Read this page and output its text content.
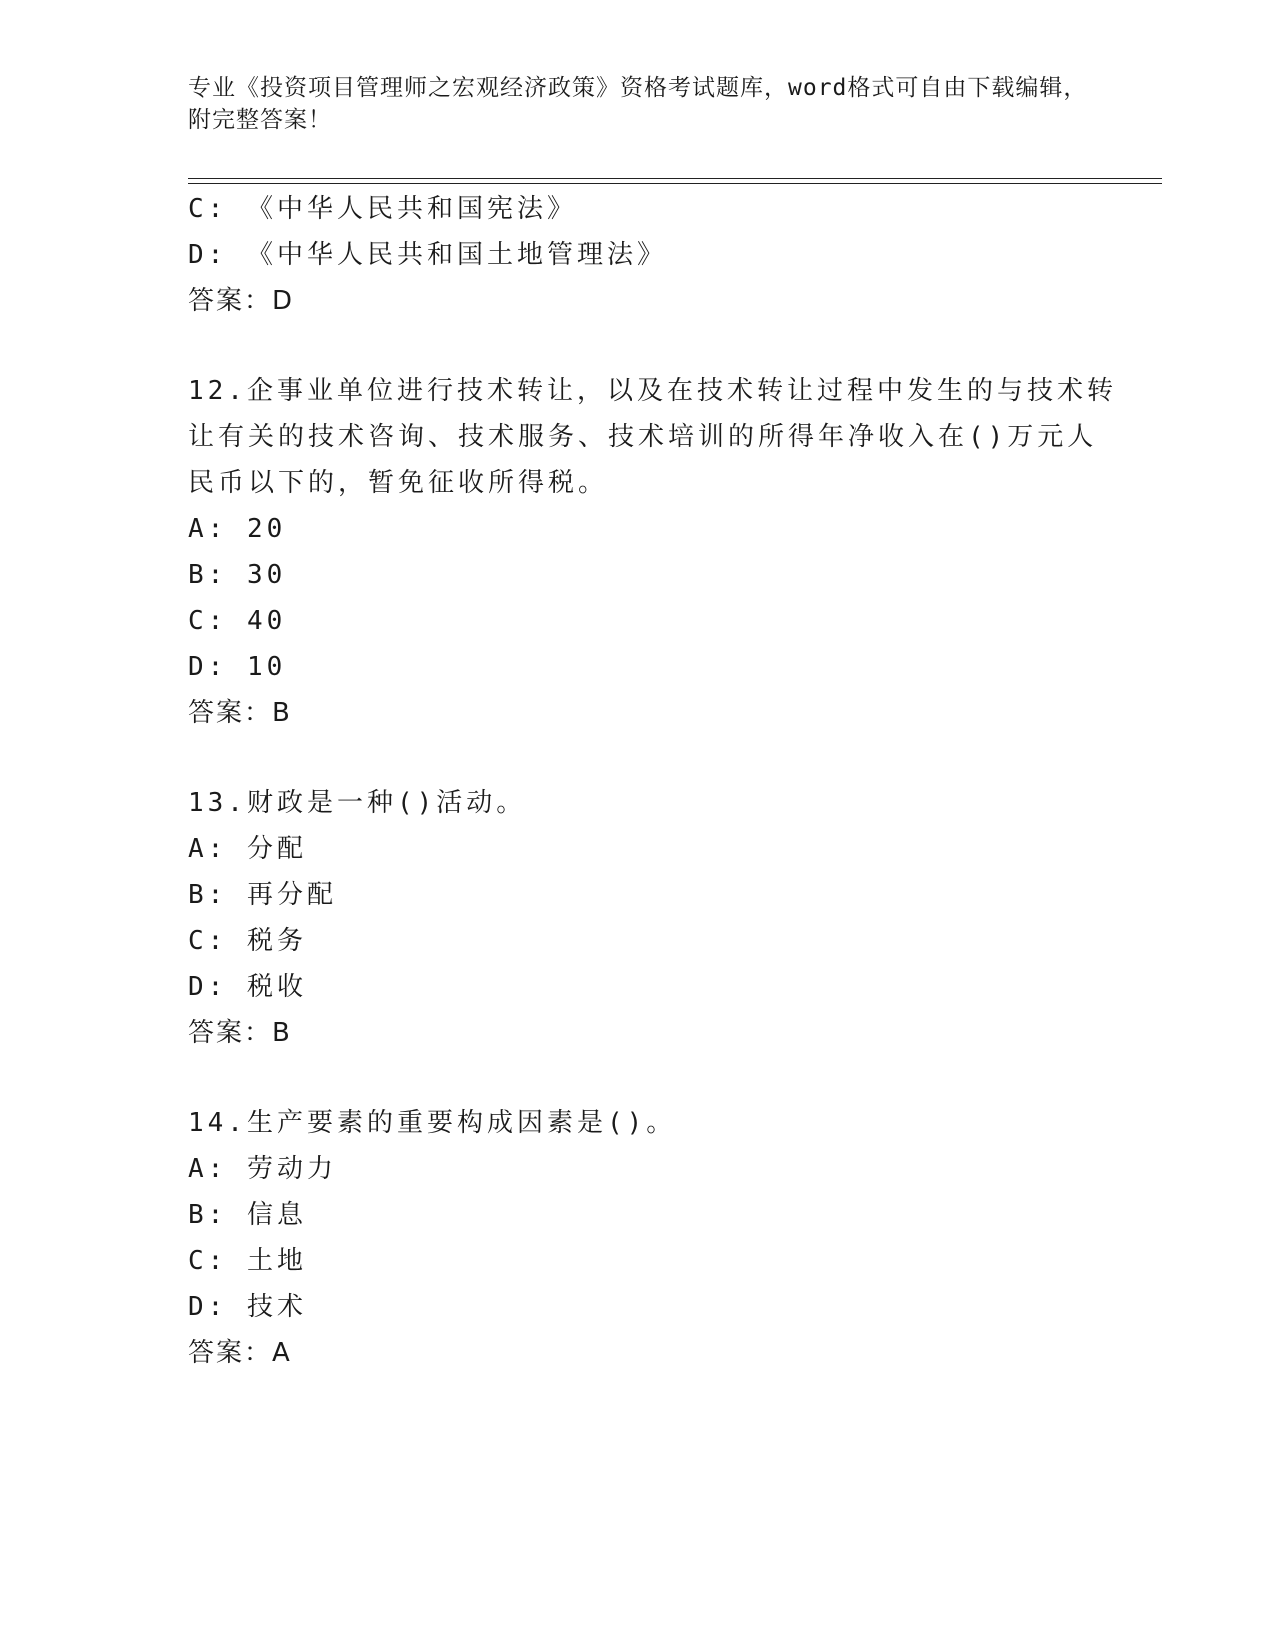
专业《投资项目管理师之宏观经济政策》资格考试题库，word格式可自由下载编辑，附完整答案！
C: 《中华人民共和国宪法》
D: 《中华人民共和国土地管理法》
答案：D
12.企事业单位进行技术转让，以及在技术转让过程中发生的与技术转
让有关的技术咨询、技术服务、技术培训的所得年净收入在()万元人
民币以下的，暂免征收所得税。
A: 20
B: 30
C: 40
D: 10
答案：B
13.财政是一种()活动。
A: 分配
B: 再分配
C: 税务
D: 税收
答案：B
14.生产要素的重要构成因素是()。
A: 劳动力
B: 信息
C: 土地
D: 技术
答案：A
